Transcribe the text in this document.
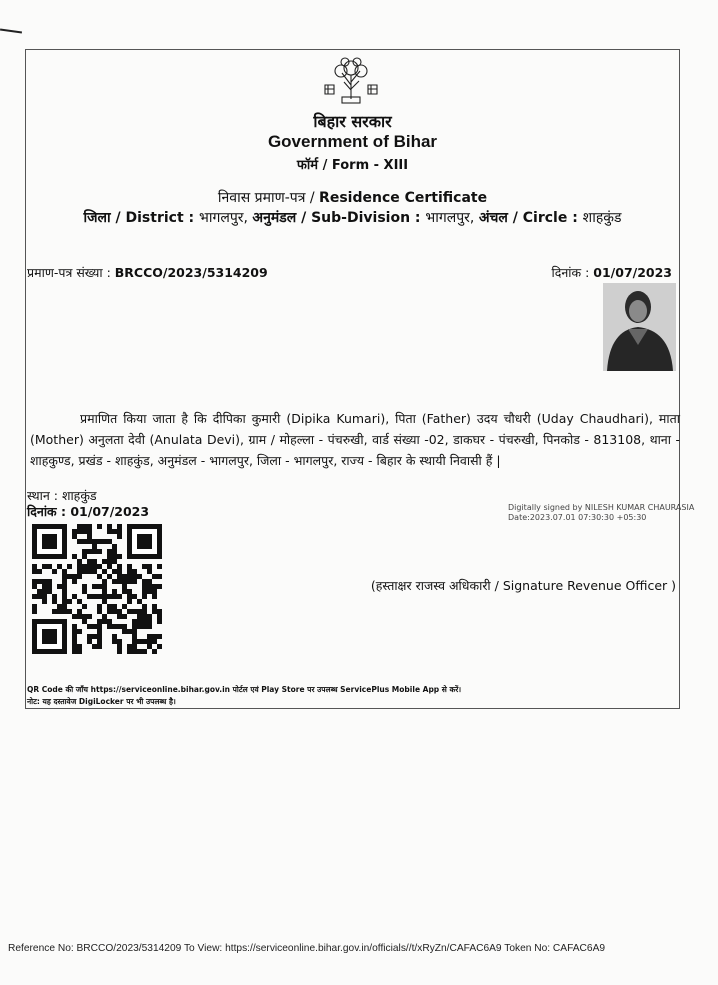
बिहार सरकार
Government of Bihar
फॉर्म / Form - XIII
निवास प्रमाण-पत्र / Residence Certificate
जिला / District : भागलपुर, अनुमंडल / Sub-Division : भागलपुर, अंचल / Circle : शाहकुंड
प्रमाण-पत्र संख्या : BRCCO/2023/5314209	दिनांक : 01/07/2023
प्रमाणित किया जाता है कि दीपिका कुमारी (Dipika Kumari), पिता (Father) उदय चौधरी (Uday Chaudhari), माता (Mother) अनुलता देवी (Anulata Devi), ग्राम / मोहल्ला - पंचरुखी, वार्ड संख्या -02, डाकघर - पंचरुखी, पिनकोड - 813108, थाना - शाहकुण्ड, प्रखंड - शाहकुंड, अनुमंडल - भागलपुर, जिला - भागलपुर, राज्य - बिहार के स्थायी निवासी हैं |
स्थान : शाहकुंड
दिनांक : 01/07/2023	Digitally signed by NILESH KUMAR CHAURASIA
Date:2023.07.01 07:30:30 +05:30
(हस्ताक्षर राजस्व अधिकारी / Signature Revenue Officer )
QR Code की जाँच https://serviceonline.bihar.gov.in पोर्टल एवं Play Store पर उपलब्ध ServicePlus Mobile App से करें।
नोट: यह दस्तावेज DigiLocker पर भी उपलब्ध है।
Reference No: BRCCO/2023/5314209 To View: https://serviceonline.bihar.gov.in/officials//t/xRyZn/CAFAC6A9 Token No: CAFAC6A9
